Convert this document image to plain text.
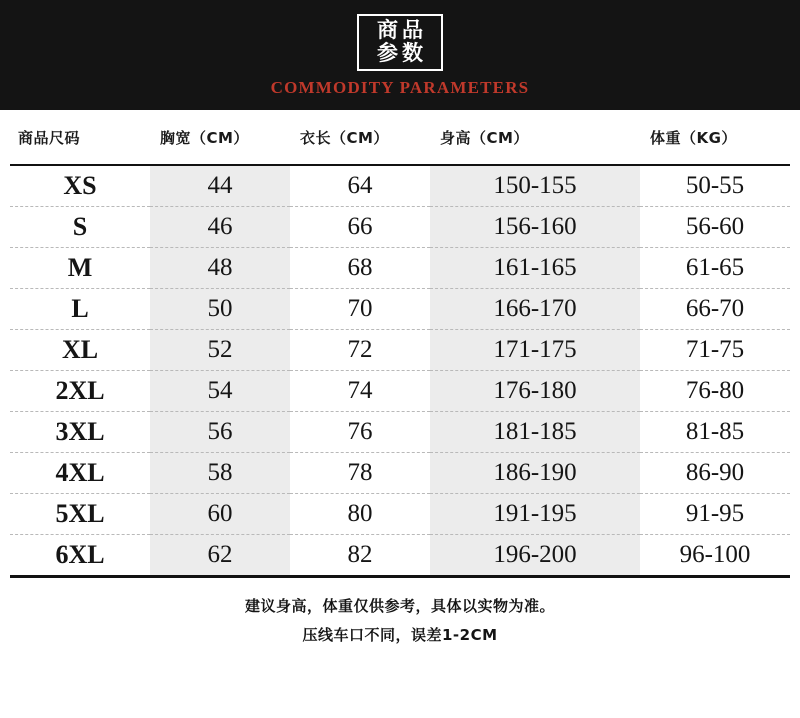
商品
参数
COMMODITY PARAMETERS
商品尺码	胸宽（CM）	衣长（CM）	身高（CM）	体重（KG）
XS	44	64	150-155	50-55
S	46	66	156-160	56-60
M	48	68	161-165	61-65
L	50	70	166-170	66-70
XL	52	72	171-175	71-75
2XL	54	74	176-180	76-80
3XL	56	76	181-185	81-85
4XL	58	78	186-190	86-90
5XL	60	80	191-195	91-95
6XL	62	82	196-200	96-100
建议身高，体重仅供参考，具体以实物为准。
压线车口不同，误差1-2CM
